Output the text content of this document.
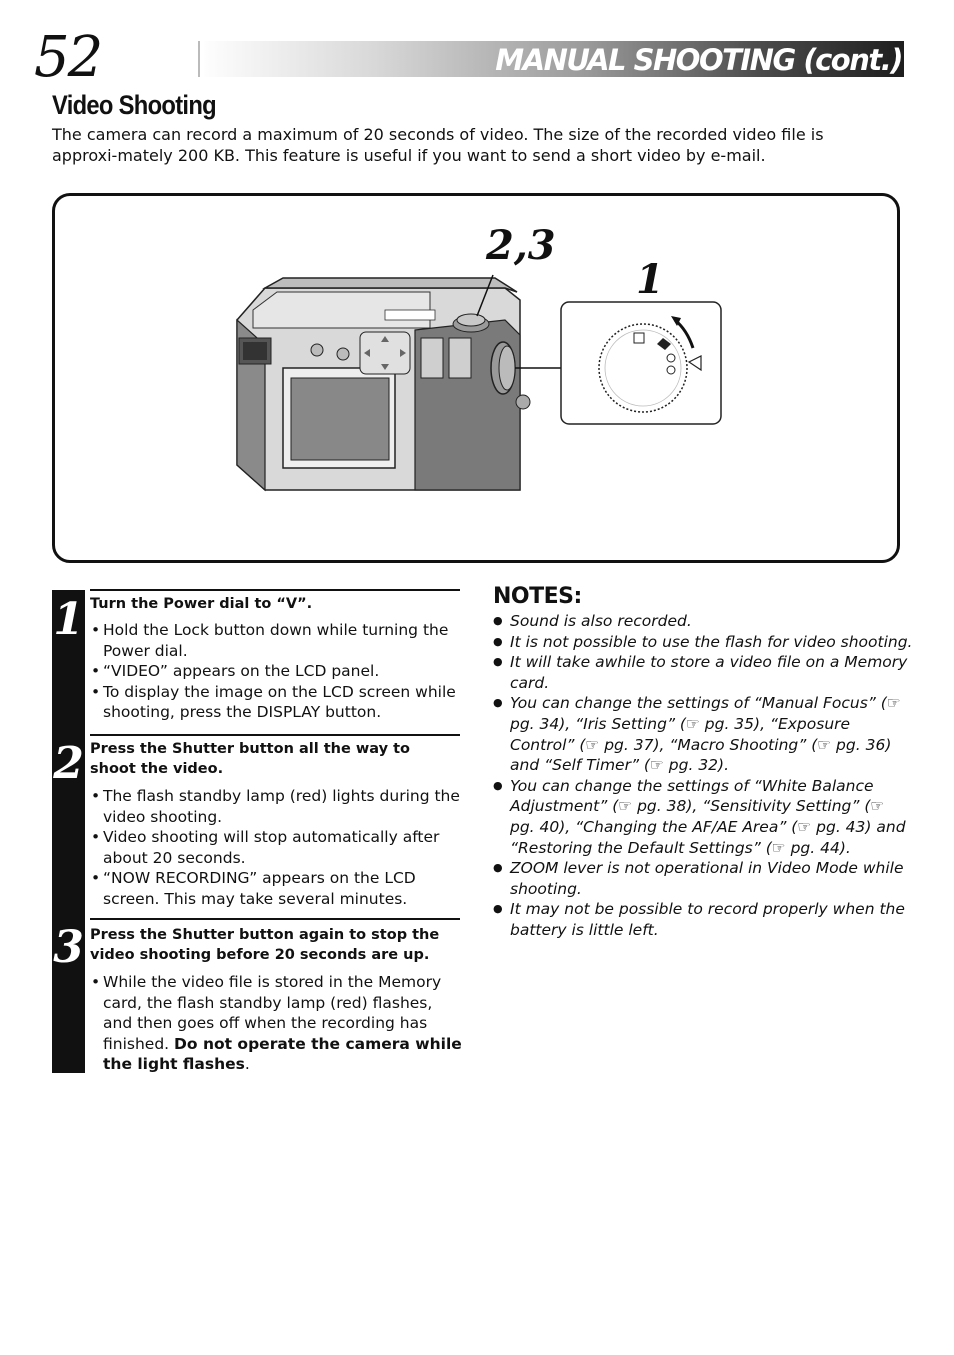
52	MANUAL SHOOTING (cont.)
Video Shooting
The camera can record a maximum of 20 seconds of video. The size of the recorded video file is approxi-mately 200 KB. This feature is useful if you want to send a short video by e-mail.
2,3
1
1 Turn the Power dial to “V”.
• Hold the Lock button down while turning the Power dial.
• “VIDEO” appears on the LCD panel.
• To display the image on the LCD screen while shooting, press the DISPLAY button.
2 Press the Shutter button all the way to shoot the video.
• The flash standby lamp (red) lights during the video shooting.
• Video shooting will stop automatically after about 20 seconds.
• “NOW RECORDING” appears on the LCD screen. This may take several minutes.
3 Press the Shutter button again to stop the video shooting before 20 seconds are up.
• While the video file is stored in the Memory card, the flash standby lamp (red) flashes, and then goes off when the recording has finished. Do not operate the camera while the light flashes.
NOTES:
● Sound is also recorded.
● It is not possible to use the flash for video shooting.
● It will take awhile to store a video file on a Memory card.
● You can change the settings of “Manual Focus” (☞ pg. 34), “Iris Setting” (☞ pg. 35), “Exposure Control” (☞ pg. 37), “Macro Shooting” (☞ pg. 36) and “Self Timer” (☞ pg. 32).
● You can change the settings of “White Balance Adjustment” (☞ pg. 38), “Sensitivity Setting” (☞ pg. 40), “Changing the AF/AE Area” (☞ pg. 43) and “Restoring the Default Settings” (☞ pg. 44).
● ZOOM lever is not operational in Video Mode while shooting.
● It may not be possible to record properly when the battery is little left.
